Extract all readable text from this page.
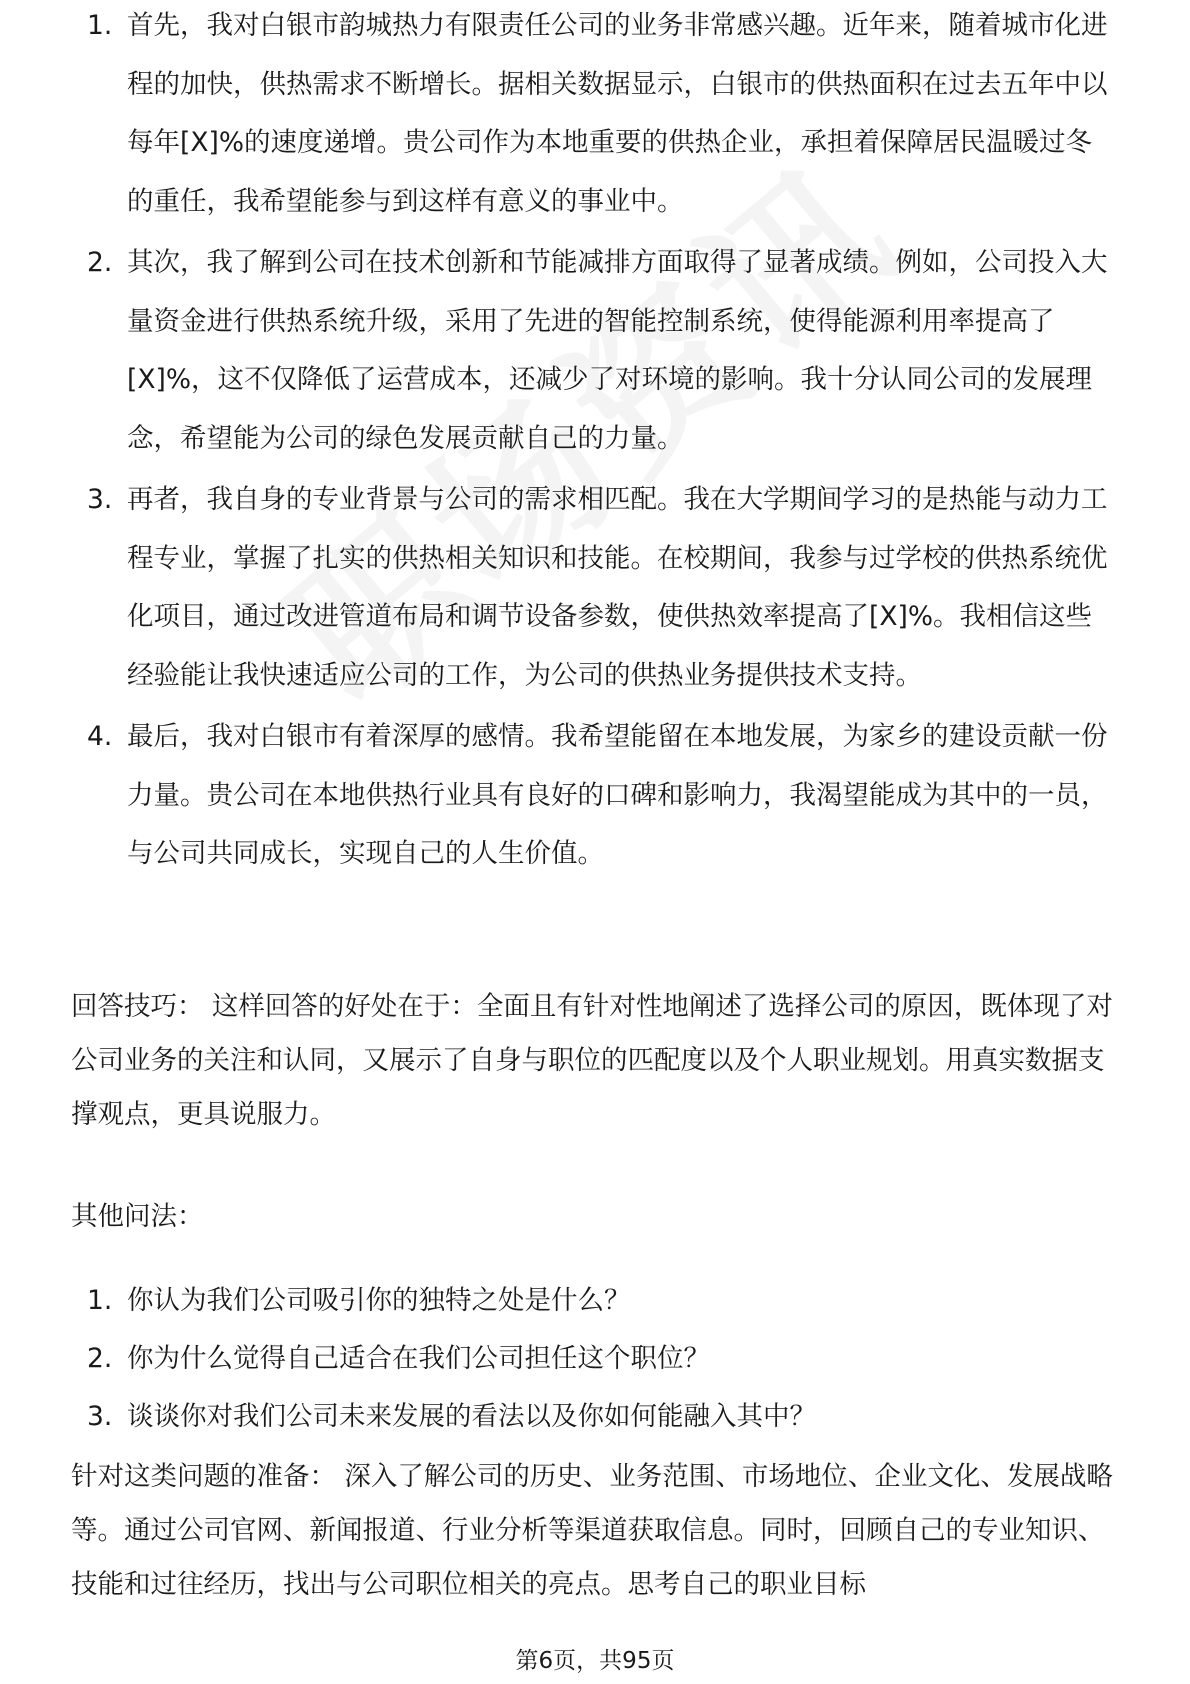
1. 首先，我对白银市韵城热力有限责任公司的业务非常感兴趣。近年来，随着城市化进程的加快，供热需求不断增长。据相关数据显示，白银市的供热面积在过去五年中以每年[X]%的速度递增。贵公司作为本地重要的供热企业，承担着保障居民温暖过冬的重任，我希望能参与到这样有意义的事业中。
2. 其次，我了解到公司在技术创新和节能减排方面取得了显著成绩。例如，公司投入大量资金进行供热系统升级，采用了先进的智能控制系统，使得能源利用率提高了[X]%，这不仅降低了运营成本，还减少了对环境的影响。我十分认同公司的发展理念，希望能为公司的绿色发展贡献自己的力量。
3. 再者，我自身的专业背景与公司的需求相匹配。我在大学期间学习的是热能与动力工程专业，掌握了扎实的供热相关知识和技能。在校期间，我参与过学校的供热系统优化项目，通过改进管道布局和调节设备参数，使供热效率提高了[X]%。我相信这些经验能让我快速适应公司的工作，为公司的供热业务提供技术支持。
4. 最后，我对白银市有着深厚的感情。我希望能留在本地发展，为家乡的建设贡献一份力量。贵公司在本地供热行业具有良好的口碑和影响力，我渴望能成为其中的一员，与公司共同成长，实现自己的人生价值。
回答技巧： 这样回答的好处在于：全面且有针对性地阐述了选择公司的原因，既体现了对公司业务的关注和认同，又展示了自身与职位的匹配度以及个人职业规划。用真实数据支撑观点，更具说服力。
其他问法：
1. 你认为我们公司吸引你的独特之处是什么？
2. 你为什么觉得自己适合在我们公司担任这个职位？
3. 谈谈你对我们公司未来发展的看法以及你如何能融入其中？
针对这类问题的准备： 深入了解公司的历史、业务范围、市场地位、企业文化、发展战略等。通过公司官网、新闻报道、行业分析等渠道获取信息。同时，回顾自己的专业知识、技能和过往经历，找出与公司职位相关的亮点。思考自己的职业目标
第6页，共95页
